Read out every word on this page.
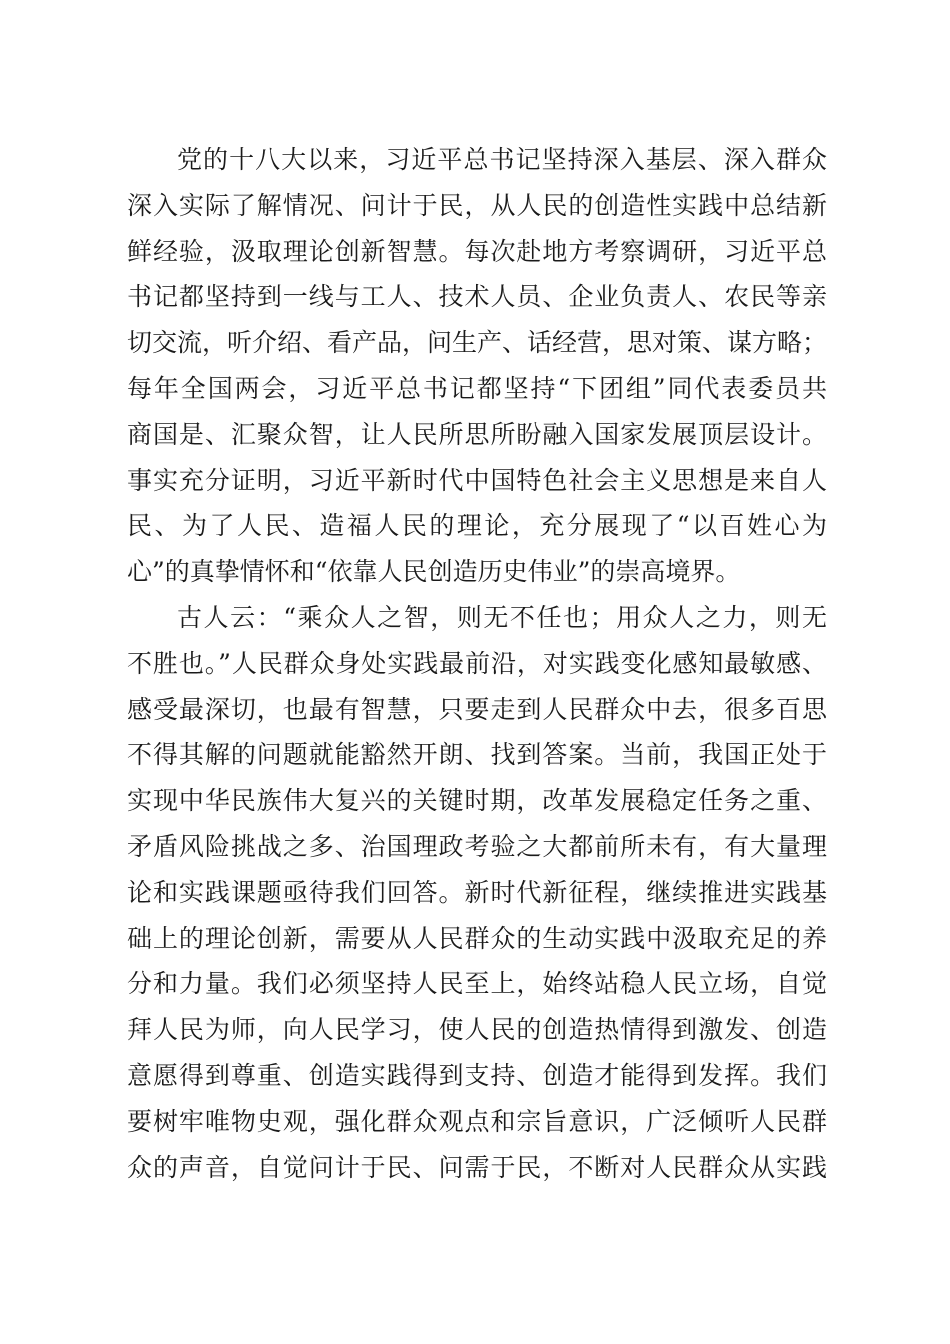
党的十八大以来，习近平总书记坚持深入基层、深入群众
深入实际了解情况、问计于民，从人民的创造性实践中总结新
鲜经验，汲取理论创新智慧。每次赴地方考察调研，习近平总
书记都坚持到一线与工人、技术人员、企业负责人、农民等亲
切交流，听介绍、看产品，问生产、话经营，思对策、谋方略；
每年全国两会，习近平总书记都坚持“下团组”同代表委员共
商国是、汇聚众智，让人民所思所盼融入国家发展顶层设计。
事实充分证明，习近平新时代中国特色社会主义思想是来自人
民、为了人民、造福人民的理论，充分展现了“以百姓心为
心”的真挚情怀和“依靠人民创造历史伟业”的崇高境界。
古人云：“乘众人之智，则无不任也；用众人之力，则无
不胜也。”人民群众身处实践最前沿，对实践变化感知最敏感、
感受最深切，也最有智慧，只要走到人民群众中去，很多百思
不得其解的问题就能豁然开朗、找到答案。当前，我国正处于
实现中华民族伟大复兴的关键时期，改革发展稳定任务之重、
矛盾风险挑战之多、治国理政考验之大都前所未有，有大量理
论和实践课题亟待我们回答。新时代新征程，继续推进实践基
础上的理论创新，需要从人民群众的生动实践中汲取充足的养
分和力量。我们必须坚持人民至上，始终站稳人民立场，自觉
拜人民为师，向人民学习，使人民的创造热情得到激发、创造
意愿得到尊重、创造实践得到支持、创造才能得到发挥。我们
要树牢唯物史观，强化群众观点和宗旨意识，广泛倾听人民群
众的声音，自觉问计于民、问需于民，不断对人民群众从实践
